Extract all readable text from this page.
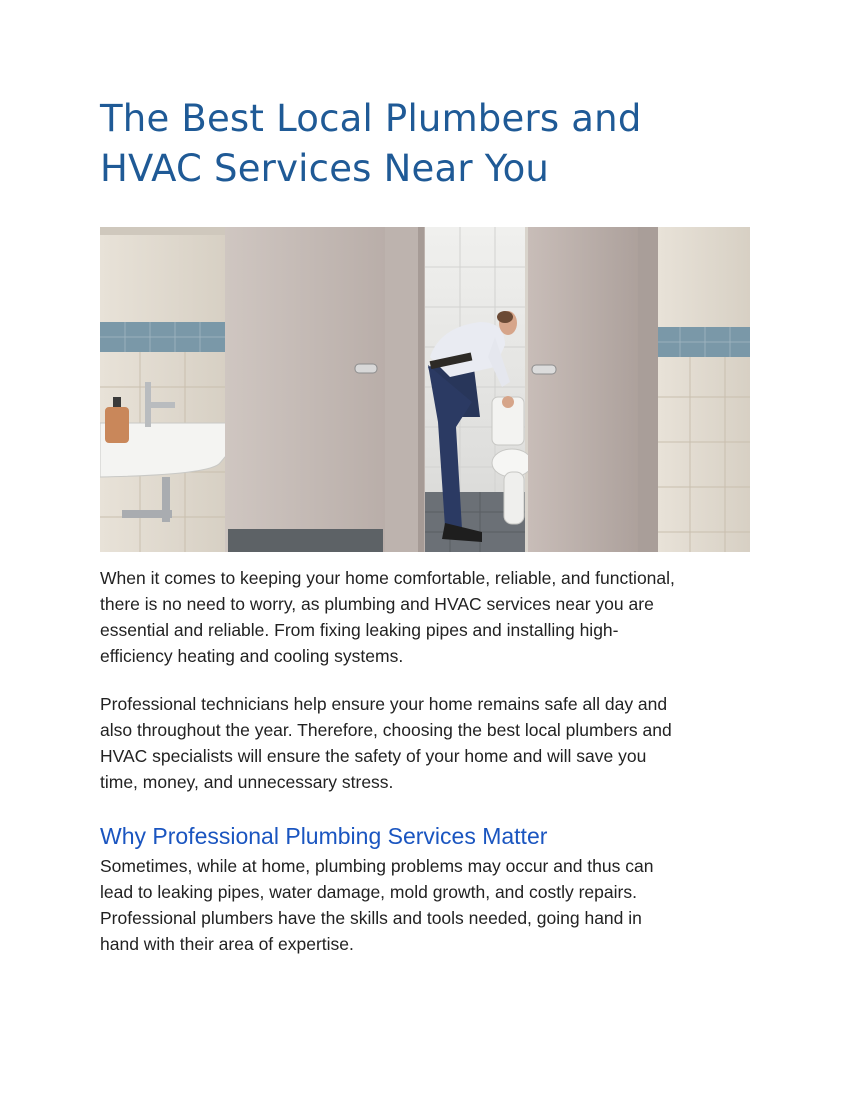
The Best Local Plumbers and
HVAC Services Near You

When it comes to keeping your home comfortable, reliable, and functional,
there is no need to worry, as plumbing and HVAC services near you are
essential and reliable. From fixing leaking pipes and installing high-
efficiency heating and cooling systems.

Professional technicians help ensure your home remains safe all day and
also throughout the year. Therefore, choosing the best local plumbers and
HVAC specialists will ensure the safety of your home and will save you
time, money, and unnecessary stress.

Why Professional Plumbing Services Matter

Sometimes, while at home, plumbing problems may occur and thus can
lead to leaking pipes, water damage, mold growth, and costly repairs.
Professional plumbers have the skills and tools needed, going hand in
hand with their area of expertise.
